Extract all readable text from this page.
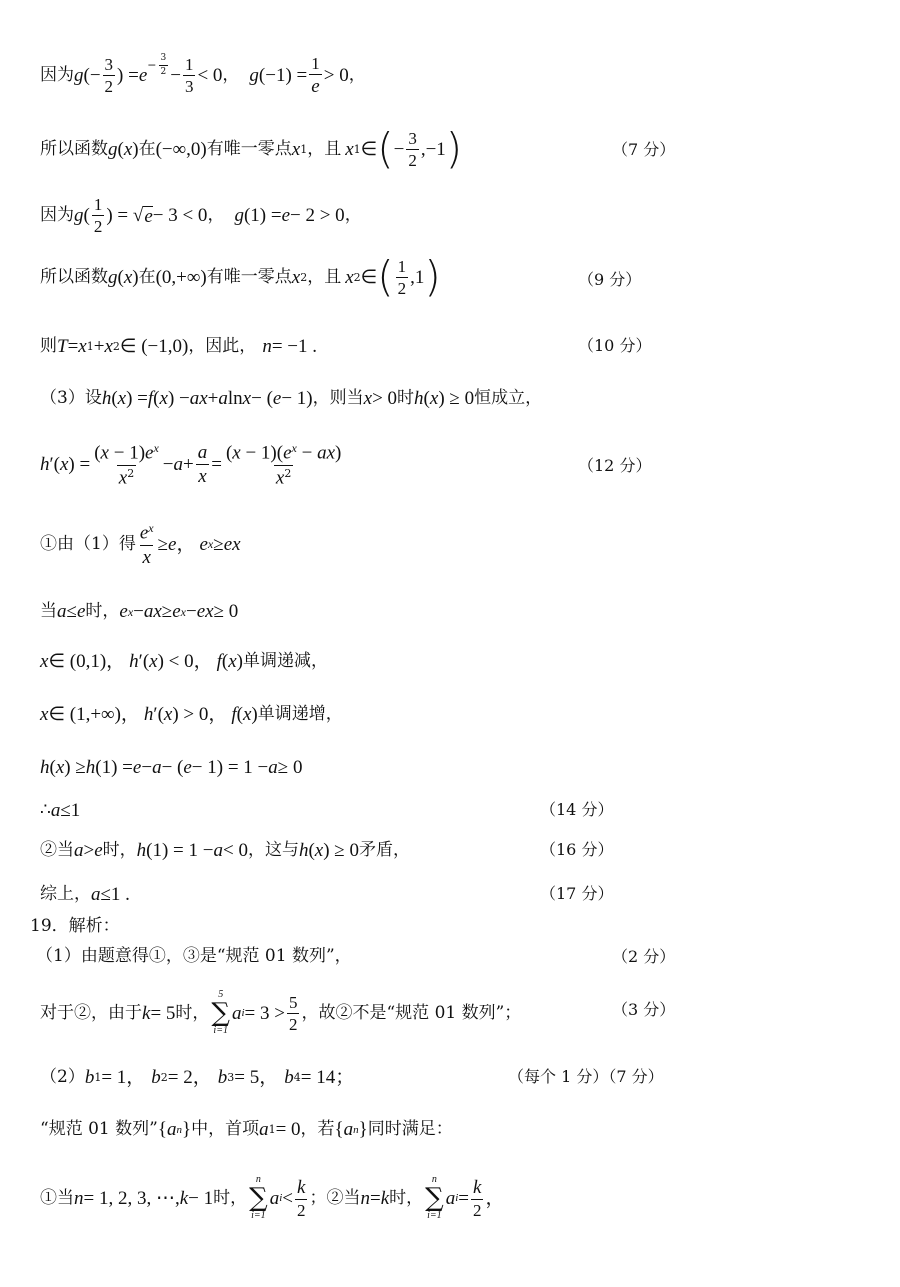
因为 g (− $\frac{3}{2}$ ) = $e^{- \frac{3}{2}} - \frac{1}{3} < 0$ ， g $(-1) = \frac{1}{e} > 0$ ，
所以函数 g ( x ) 在 (−∞,0) 有唯一零点 x 1 ，且 x 1 ∈ ( − $\frac{3}{2} ,-1$ )	（7 分）
因为 g ( $\frac{1}{2}$ ) = √ e − 3 < 0 ， g (1) = e − 2 > 0 ，
所以函数 g ( x ) 在 (0,+∞) 有唯一零点 x 2 ，且 x 2 ∈ ( $\frac{1}{2} ,1$ )	（9 分）
则 T = x 1 + x 2 ∈ (−1,0) ，因此， n = −1 .	（10 分）
（3）设 h ( x ) = f ( x ) − ax + a ln x − ( e − 1) ，则当 x > 0 时 h ( x ) ≥ 0 恒成立，
h ′( x ) = $\frac{(x - 1)e^x}{x^2} - a + \frac{a}{x} = \frac{(x - 1)(e^x - ax)}{x^2}$	（12 分）
①由（1）得 $\frac{e^x}{x} \ge e$ ， e x ≥ ex
当 a ≤ e 时， e x − ax ≥ e x − ex ≥ 0
x ∈ (0,1)， h ′( x ) < 0， f ( x ) 单调递减，
x ∈ (1,+∞)， h ′( x ) > 0， f ( x ) 单调递增，
h ( x ) ≥ h (1) = e − a − ( e − 1) = 1 − a ≥ 0
∴ a ≤1	（14 分）
②当 a > e 时， h (1) = 1 − a < 0 ，这与 h ( x ) ≥ 0 矛盾，	（16 分）
综上， a ≤1 .	（17 分）
19．解析：
（1）由题意得①，③是“规范 01 数列”，	（2 分）
对于②，由于 k = 5 时，
5
∑
i=1
a $i = 3 > \frac{5}{2}$ ，故②不是“规范 01 数列”；	（3 分）
（2） b 1 = 1， b 2 = 2， b 3 = 5， b 4 = 14；	（每个 1 分）（7 分）
“规范 01 数列” { a n } 中，首项 a 1 = 0 ，若 { a n } 同时满足：
①当 n = 1, 2, 3, ⋯, k − 1 时，
n
∑
i=1
a $i < \frac{k}{2}$ ；②当 n = k 时，
n
∑
i=1
a $i = \frac{k}{2}$ ，
